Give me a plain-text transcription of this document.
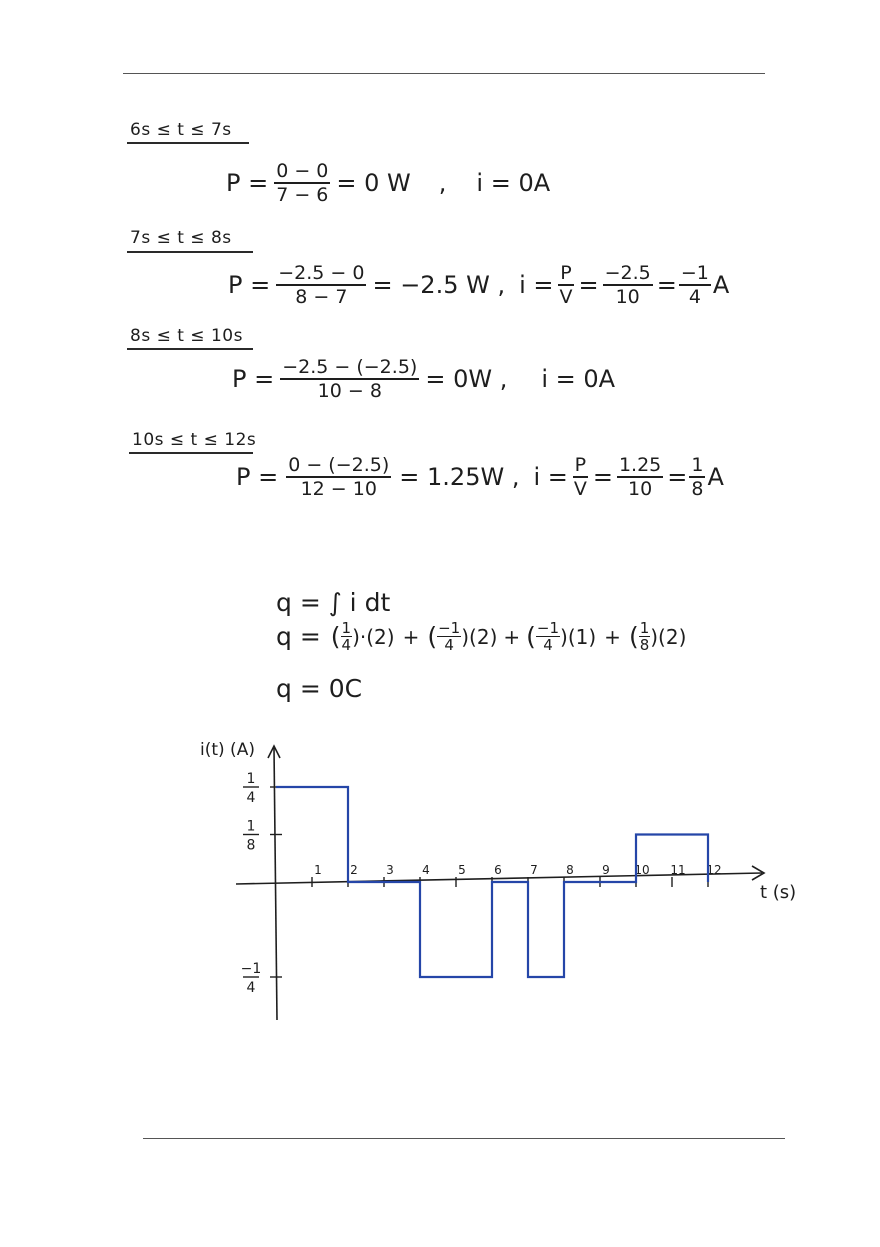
6s ≤ t ≤ 7s
$P = \frac{0 - 0}{7 - 6} = 0$ W , i = 0A
7s ≤ t ≤ 8s
$P = \frac{-2.5 - 0}{8 - 7} = -2.5$ W , $i = \frac{P}{V} = \frac{-2.5}{10} = \frac{-1}{4}$ A
8s ≤ t ≤ 10s
$P = \frac{-2.5 - (-2.5)}{10 - 8} = 0W$ , i = 0A
10s ≤ t ≤ 12s
$P = \frac{0 - (-2.5)}{12 - 10} = 1.25W$ , $i = \frac{P}{V} = \frac{1.25}{10} = \frac{1}{8}$ A
q = ∫ i dt
q = ( $\frac{1}{4} )\cdot(2)$ + ( $\frac{-1}{4} )(2)$ + ( $\frac{-1}{4} )(1)$ + ( $\frac{1}{8} )(2)$
q = 0C
i(t) (A)
t (s)
1 2 3 4 5 6 7 8 9 10 11 12
1
4
1
8
−1
4
